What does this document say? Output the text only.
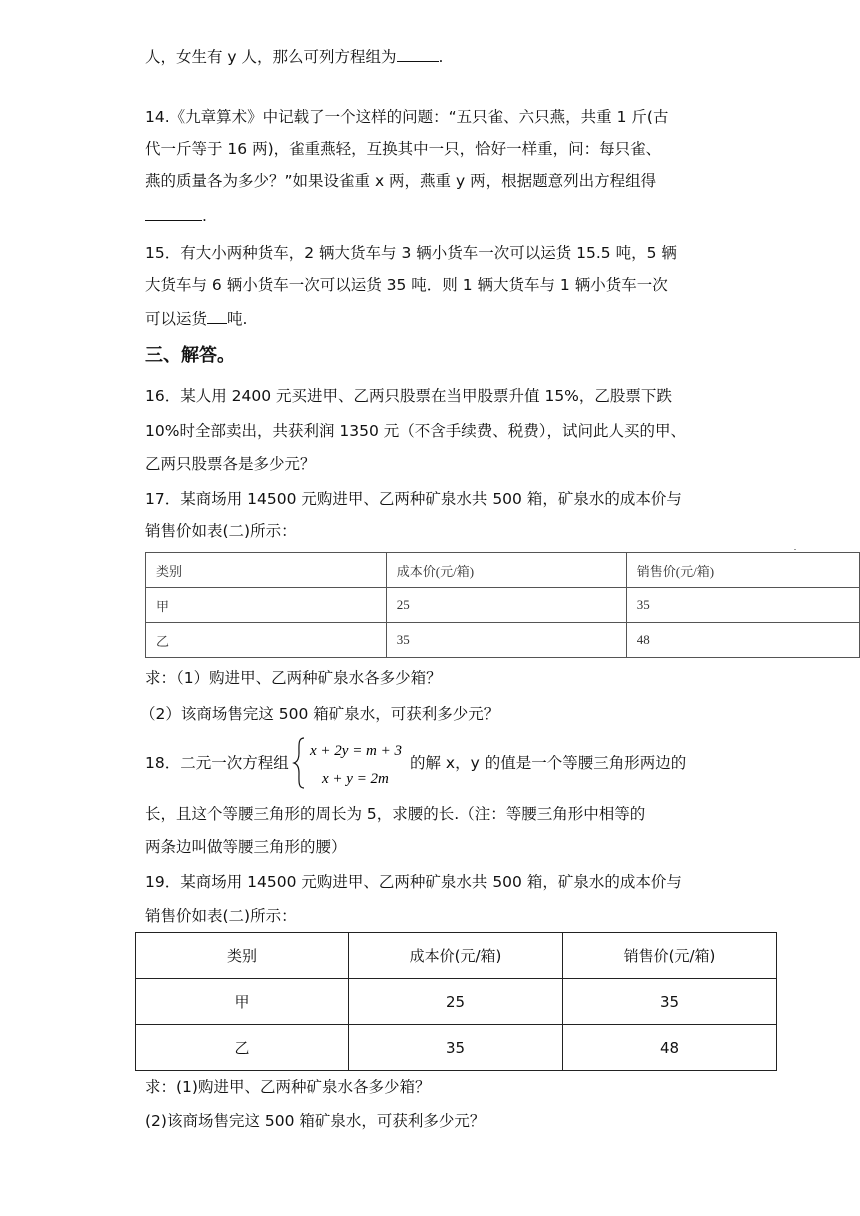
人，女生有 y 人，那么可列方程组为	.
14.《九章算术》中记载了一个这样的问题：“五只雀、六只燕，共重 1 斤(古
代一斤等于 16 两)，雀重燕轻，互换其中一只，恰好一样重，问：每只雀、
燕的质量各为多少？”如果设雀重 x 两，燕重 y 两，根据题意列出方程组得
.
15．有大小两种货车，2 辆大货车与 3 辆小货车一次可以运货 15.5 吨，5 辆
大货车与 6 辆小货车一次可以运货 35 吨．则 1 辆大货车与 1 辆小货车一次
可以运货 吨.
三、解答。
16．某人用 2400 元买进甲、乙两只股票在当甲股票升值 15%，乙股票下跌
10%时全部卖出，共获利润 1350 元（不含手续费、税费），试问此人买的甲、
乙两只股票各是多少元？
17．某商场用 14500 元购进甲、乙两种矿泉水共 500 箱，矿泉水的成本价与
销售价如表(二)所示：
类别	成本价(元/箱)	销售价(元/箱)
甲	25	35
乙	35	48
求：（1）购进甲、乙两种矿泉水各多少箱？
（2）该商场售完这 500 箱矿泉水，可获利多少元？
18．二元一次方程组
x + 2y = m + 3
x + y = 2m
的解 x，y 的值是一个等腰三角形两边的
长，且这个等腰三角形的周长为 5，求腰的长.（注：等腰三角形中相等的
两条边叫做等腰三角形的腰）
19．某商场用 14500 元购进甲、乙两种矿泉水共 500 箱，矿泉水的成本价与
销售价如表(二)所示：
类别	成本价(元/箱)	销售价(元/箱)
甲	25	35
乙	35	48
求：(1)购进甲、乙两种矿泉水各多少箱？
(2)该商场售完这 500 箱矿泉水，可获利多少元？
